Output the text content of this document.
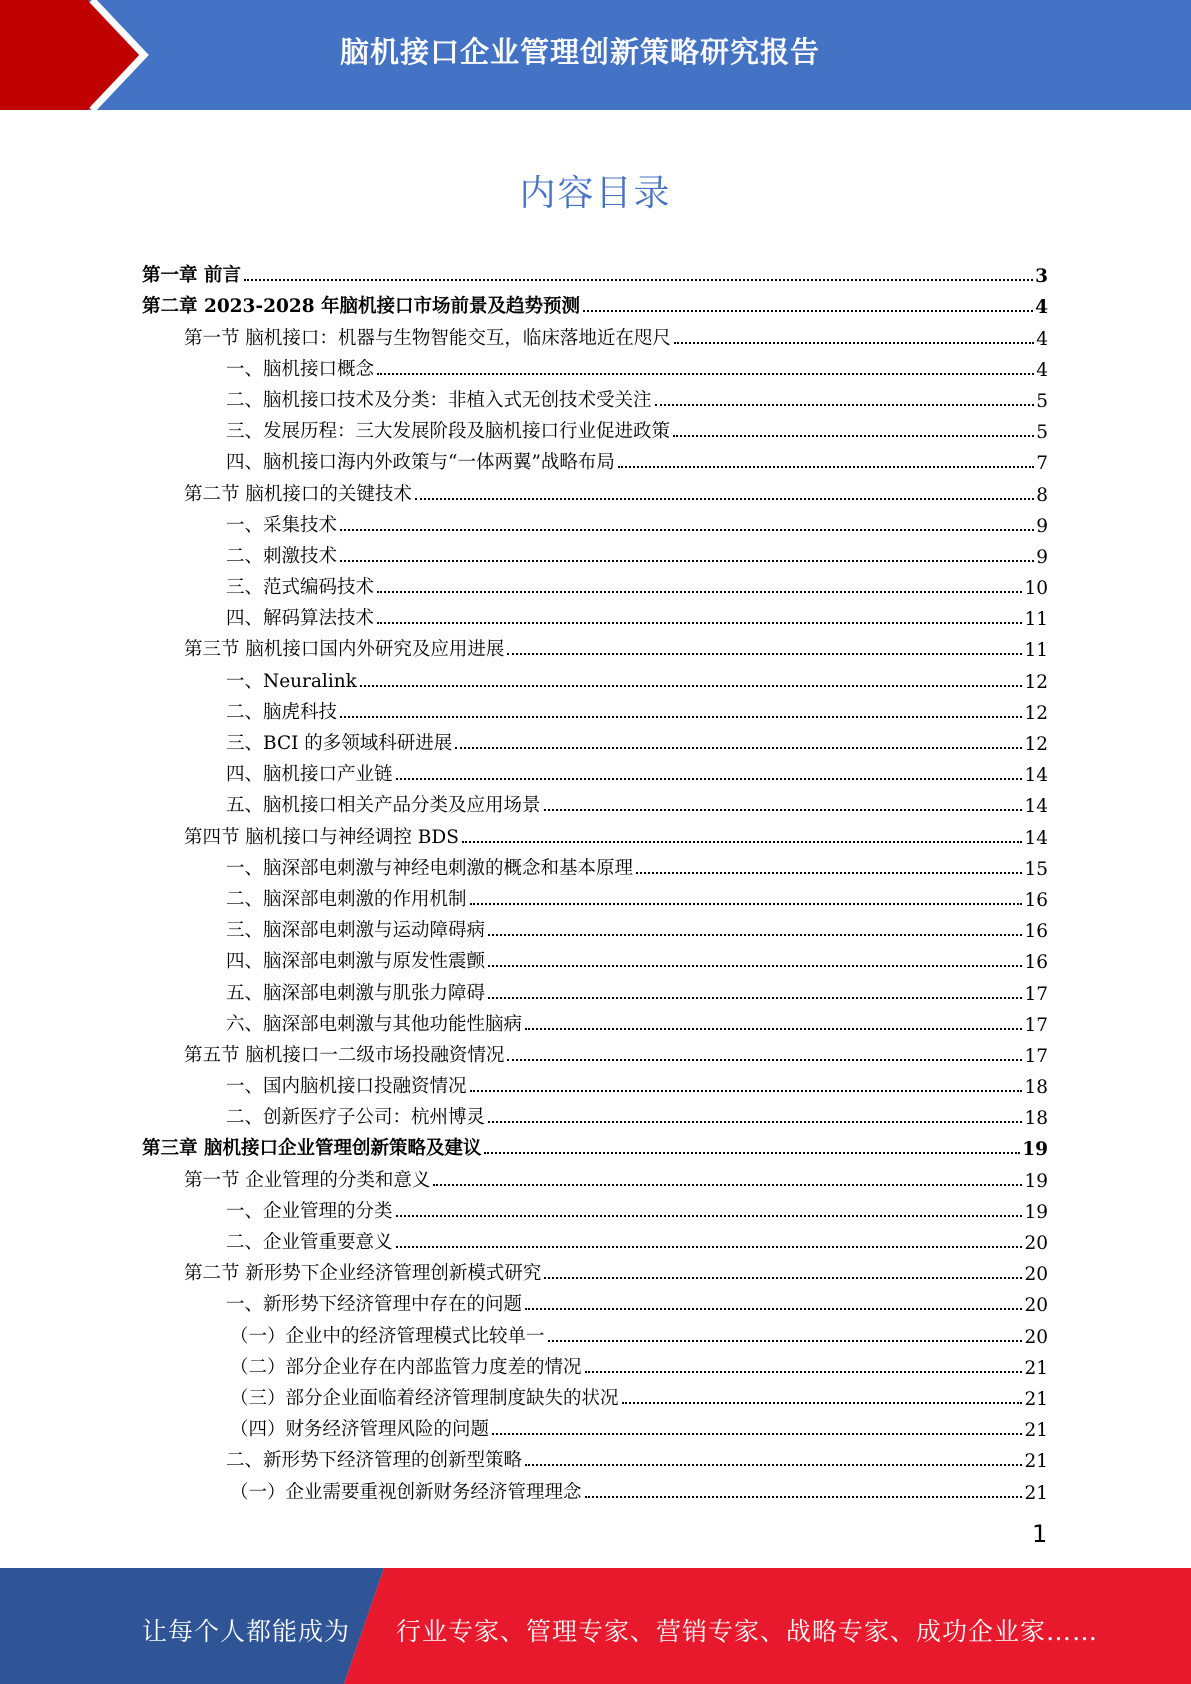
脑机接口企业管理创新策略研究报告
内容目录
第一章 前言	3
第二章 2023-2028 年脑机接口市场前景及趋势预测	4
第一节 脑机接口：机器与生物智能交互，临床落地近在咫尺	4
一、脑机接口概念	4
二、脑机接口技术及分类：非植入式无创技术受关注	5
三、发展历程：三大发展阶段及脑机接口行业促进政策	5
四、脑机接口海内外政策与“一体两翼”战略布局	7
第二节 脑机接口的关键技术	8
一、采集技术	9
二、刺激技术	9
三、范式编码技术	10
四、解码算法技术	11
第三节 脑机接口国内外研究及应用进展	11
一、Neuralink	12
二、脑虎科技	12
三、BCI 的多领域科研进展	12
四、脑机接口产业链	14
五、脑机接口相关产品分类及应用场景	14
第四节 脑机接口与神经调控 BDS	14
一、脑深部电刺激与神经电刺激的概念和基本原理	15
二、脑深部电刺激的作用机制	16
三、脑深部电刺激与运动障碍病	16
四、脑深部电刺激与原发性震颤	16
五、脑深部电刺激与肌张力障碍	17
六、脑深部电刺激与其他功能性脑病	17
第五节 脑机接口一二级市场投融资情况	17
一、国内脑机接口投融资情况	18
二、创新医疗子公司：杭州博灵	18
第三章 脑机接口企业管理创新策略及建议	19
第一节 企业管理的分类和意义	19
一、企业管理的分类	19
二、企业管重要意义	20
第二节 新形势下企业经济管理创新模式研究	20
一、新形势下经济管理中存在的问题	20
（一）企业中的经济管理模式比较单一	20
（二）部分企业存在内部监管力度差的情况	21
（三）部分企业面临着经济管理制度缺失的状况	21
（四）财务经济管理风险的问题	21
二、新形势下经济管理的创新型策略	21
（一）企业需要重视创新财务经济管理理念	21
1
让每个人都能成为 行业专家、管理专家、营销专家、战略专家、成功企业家……
